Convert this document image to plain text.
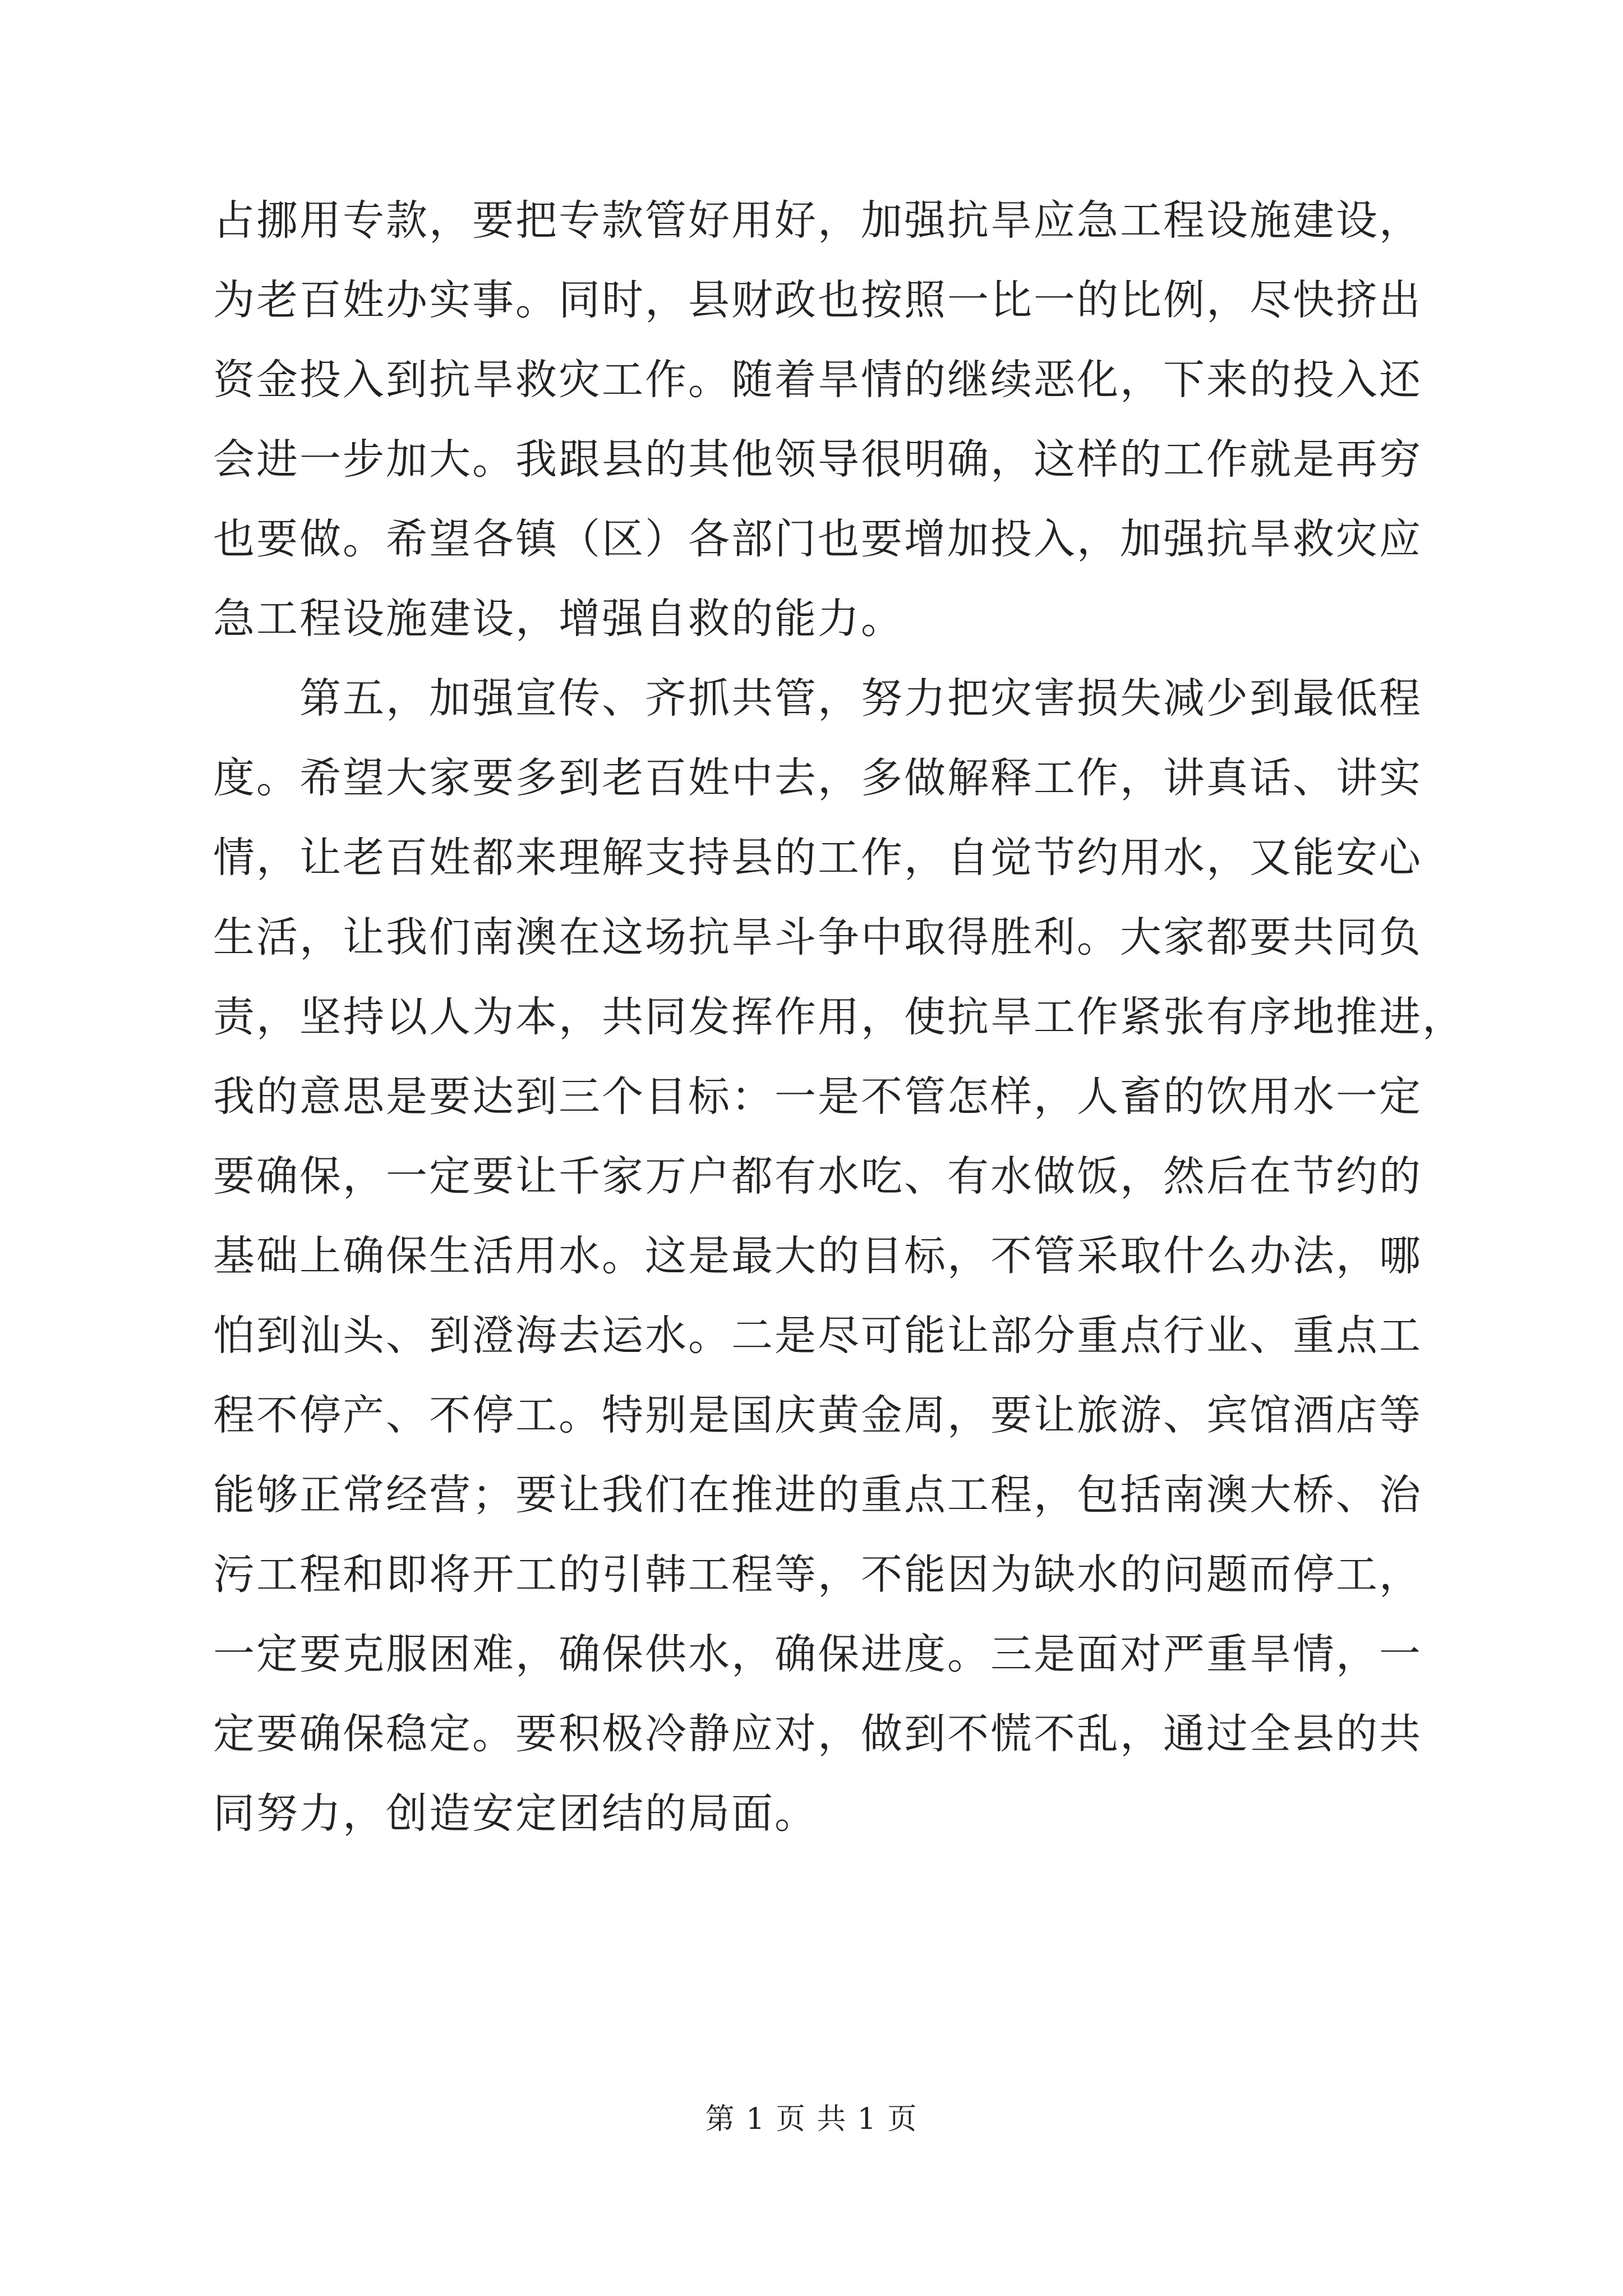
占挪用专款，要把专款管好用好，加强抗旱应急工程设施建设，
为老百姓办实事。同时，县财政也按照一比一的比例，尽快挤出
资金投入到抗旱救灾工作。随着旱情的继续恶化，下来的投入还
会进一步加大。我跟县的其他领导很明确，这样的工作就是再穷
也要做。希望各镇（区）各部门也要增加投入，加强抗旱救灾应
急工程设施建设，增强自救的能力。
　　第五，加强宣传、齐抓共管，努力把灾害损失减少到最低程
度。希望大家要多到老百姓中去，多做解释工作，讲真话、讲实
情，让老百姓都来理解支持县的工作，自觉节约用水，又能安心
生活，让我们南澳在这场抗旱斗争中取得胜利。大家都要共同负
责，坚持以人为本，共同发挥作用，使抗旱工作紧张有序地推进，
我的意思是要达到三个目标：一是不管怎样，人畜的饮用水一定
要确保，一定要让千家万户都有水吃、有水做饭，然后在节约的
基础上确保生活用水。这是最大的目标，不管采取什么办法，哪
怕到汕头、到澄海去运水。二是尽可能让部分重点行业、重点工
程不停产、不停工。特别是国庆黄金周，要让旅游、宾馆酒店等
能够正常经营；要让我们在推进的重点工程，包括南澳大桥、治
污工程和即将开工的引韩工程等，不能因为缺水的问题而停工，
一定要克服困难，确保供水，确保进度。三是面对严重旱情，一
定要确保稳定。要积极冷静应对，做到不慌不乱，通过全县的共
同努力，创造安定团结的局面。
第 1 页 共 1 页
